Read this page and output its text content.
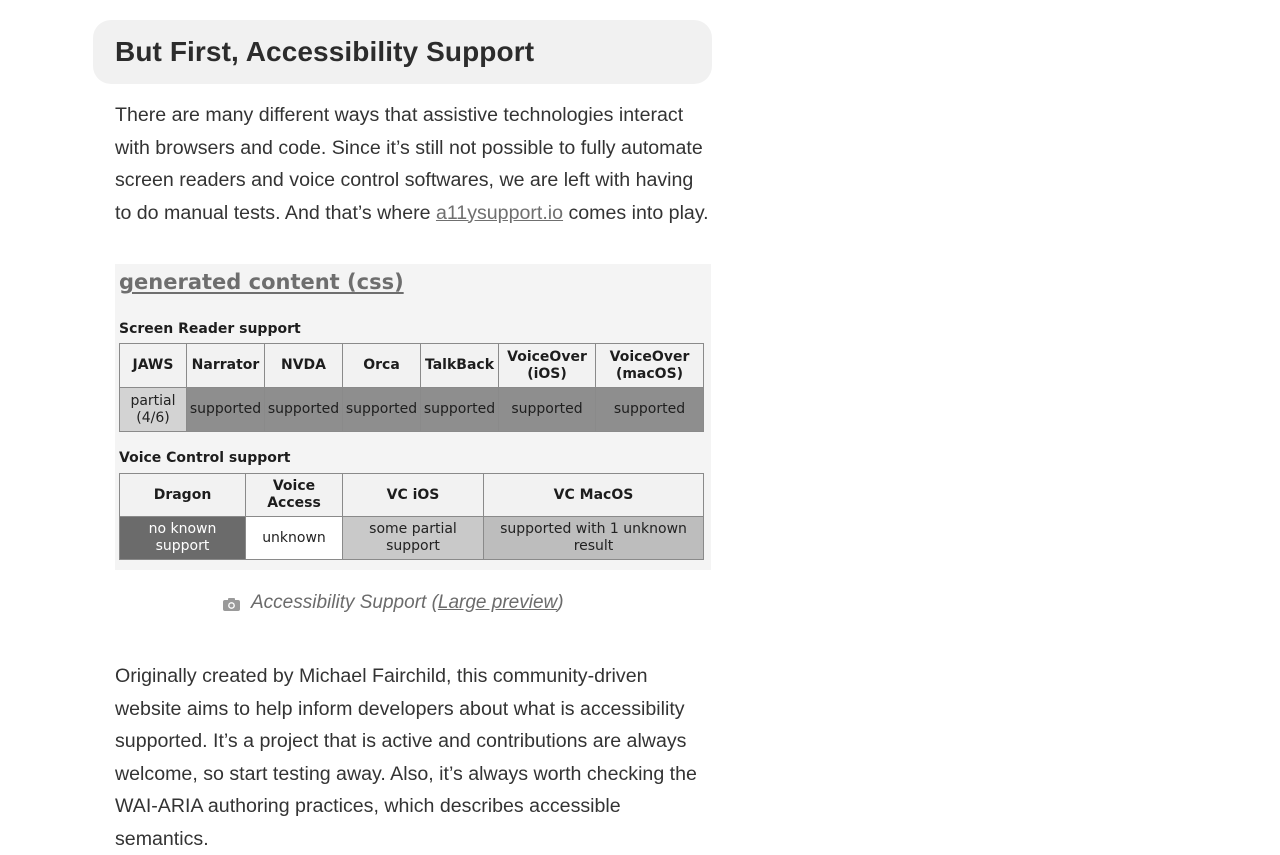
But First, Accessibility Support

There are many different ways that assistive technologies interact with browsers and code. Since it’s still not possible to fully automate screen readers and voice control softwares, we are left with having to do manual tests. And that’s where a11ysupport.io comes into play.

generated content (css)
Screen Reader support
JAWS	Narrator	NVDA	Orca	TalkBack	VoiceOver (iOS)	VoiceOver (macOS)
partial (4/6)	supported	supported	supported	supported	supported	supported
Voice Control support
Dragon	Voice Access	VC iOS	VC MacOS
no known support	unknown	some partial support	supported with 1 unknown result
Accessibility Support (Large preview)

Originally created by Michael Fairchild, this community-driven website aims to help inform developers about what is accessibility supported. It’s a project that is active and contributions are always welcome, so start testing away. Also, it’s always worth checking the WAI-ARIA authoring practices, which describes accessible semantics.
